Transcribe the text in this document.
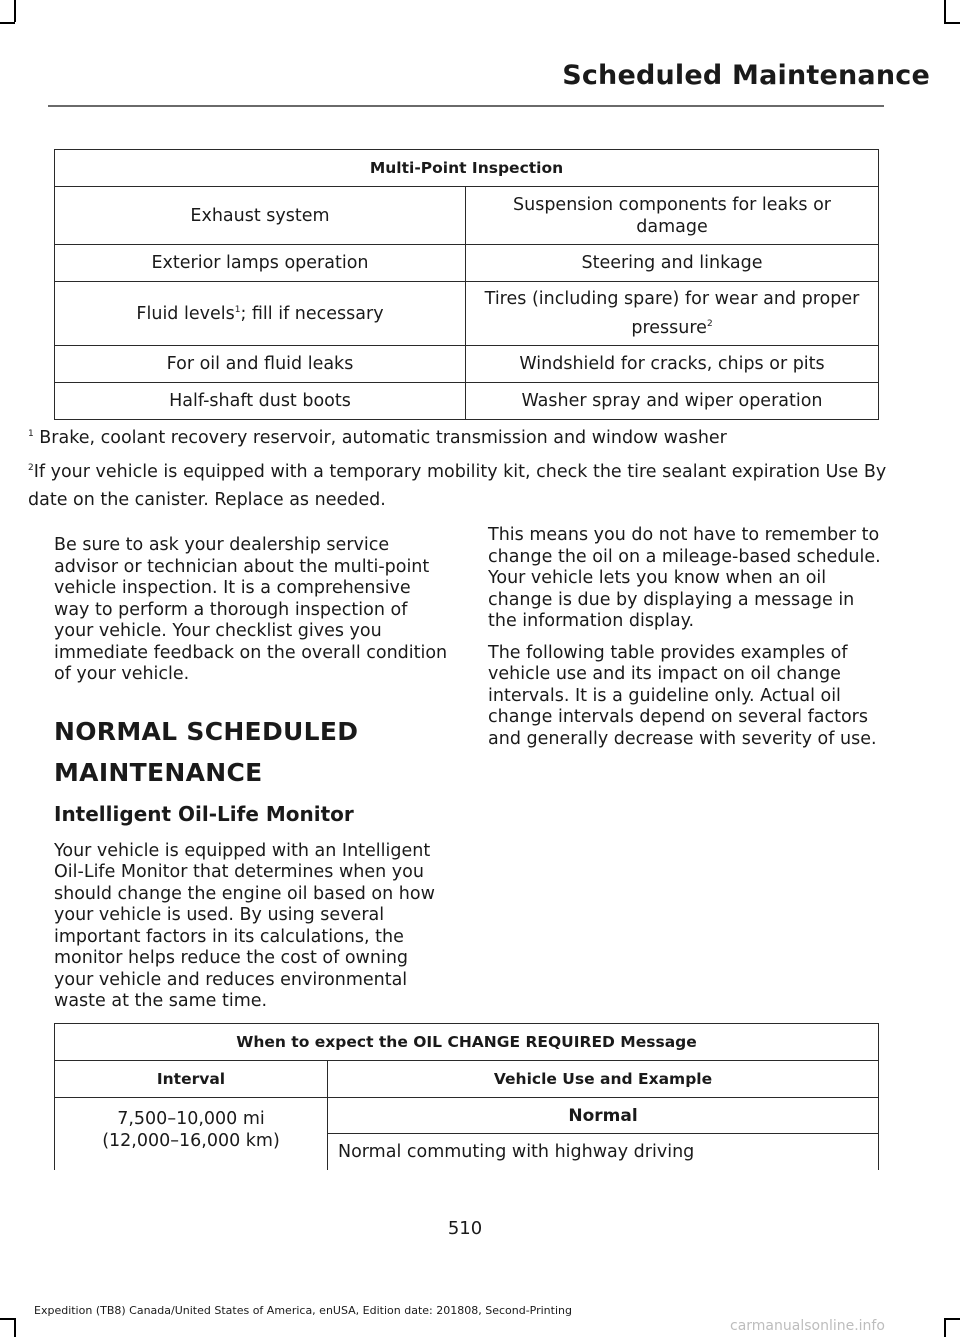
Scheduled Maintenance
Multi-Point Inspection	
Exhaust system	Suspension components for leaks or damage
Exterior lamps operation	Steering and linkage
Fluid levels$^1$; fill if necessary	Tires (including spare) for wear and proper
pressure$^2$
For oil and fluid leaks	Windshield for cracks, chips or pits
Half-shaft dust boots	Washer spray and wiper operation
$^1$ Brake, coolant recovery reservoir, automatic transmission and window washer
$^2$If your vehicle is equipped with a temporary mobility kit, check the tire sealant expiration Use By date on the canister. Replace as needed.

Be sure to ask your dealership service advisor or technician about the multi-point vehicle inspection. It is a comprehensive way to perform a thorough inspection of your vehicle. Your checklist gives you immediate feedback on the overall condition of your vehicle.

NORMAL SCHEDULED
MAINTENANCE
Intelligent Oil-Life Monitor

Your vehicle is equipped with an Intelligent Oil-Life Monitor that determines when you should change the engine oil based on how your vehicle is used. By using several important factors in its calculations, the monitor helps reduce the cost of owning your vehicle and reduces environmental waste at the same time.

This means you do not have to remember to change the oil on a mileage-based schedule. Your vehicle lets you know when an oil change is due by displaying a message in the information display.

The following table provides examples of vehicle use and its impact on oil change intervals. It is a guideline only. Actual oil change intervals depend on several factors and generally decrease with severity of use.

When to expect the OIL CHANGE REQUIRED Message	
Interval	Vehicle Use and Example

7,500–10,000 mi
(12,000–16,000 km)	Normal
	Normal commuting with highway driving
510
Expedition (TB8) Canada/United States of America, enUSA, Edition date: 201808, Second-Printing
carmanualsonline.info
